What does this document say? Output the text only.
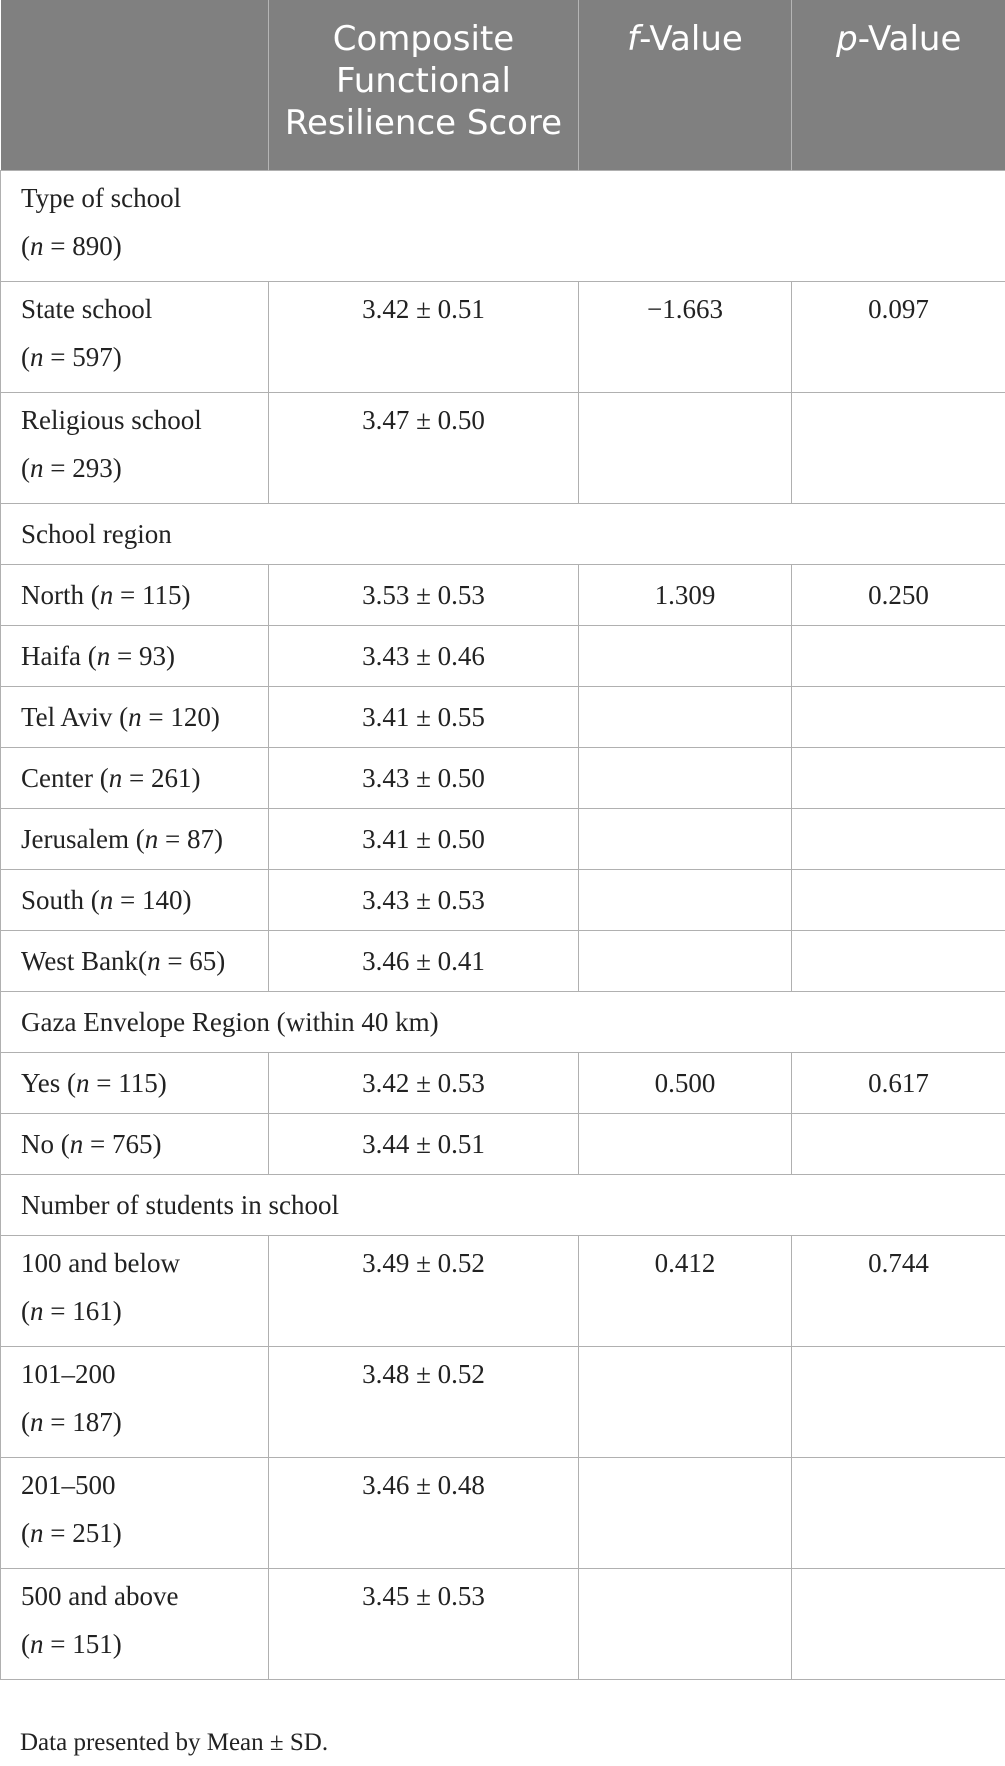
	Composite Functional Resilience Score	f-Value	p-Value

Type of school
(n = 890)			

State school
(n = 597)	3.42 ± 0.51	−1.663	0.097

Religious school
(n = 293)	3.47 ± 0.50		
School region			
North (n = 115)	3.53 ± 0.53	1.309	0.250
Haifa (n = 93)	3.43 ± 0.46		
Tel Aviv (n = 120)	3.41 ± 0.55		
Center (n = 261)	3.43 ± 0.50		
Jerusalem (n = 87)	3.41 ± 0.50		
South (n = 140)	3.43 ± 0.53		
West Bank(n = 65)	3.46 ± 0.41		
Gaza Envelope Region (within 40 km)			
Yes (n = 115)	3.42 ± 0.53	0.500	0.617
No (n = 765)	3.44 ± 0.51		
Number of students in school			

100 and below
(n = 161)	3.49 ± 0.52	0.412	0.744

101–200
(n = 187)	3.48 ± 0.52		

201–500
(n = 251)	3.46 ± 0.48		

500 and above
(n = 151)	3.45 ± 0.53		
Data presented by Mean ± SD.
